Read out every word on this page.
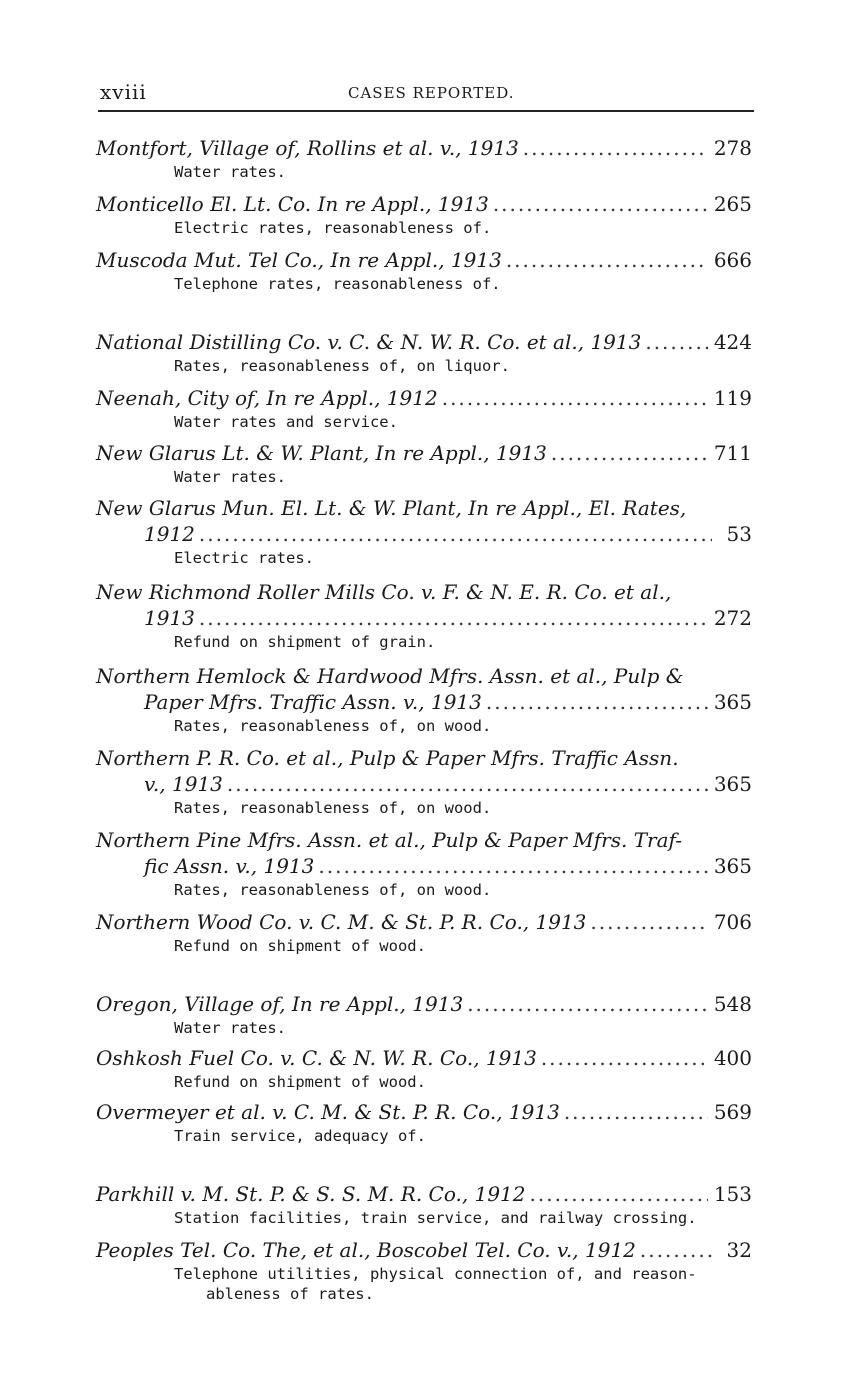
xviii	CASES REPORTED.
Montfort, Village of, Rollins et al. v., 1913 .....	278
Water rates.
Monticello El. Lt. Co. In re Appl., 1913 .....	265
Electric rates, reasonableness of.
Muscoda Mut. Tel Co., In re Appl., 1913 .....	666
Telephone rates, reasonableness of.
National Distilling Co. v. C. & N. W. R. Co. et al., 1913 .....	424
Rates, reasonableness of, on liquor.
Neenah, City of, In re Appl., 1912 .....	119
Water rates and service.
New Glarus Lt. & W. Plant, In re Appl., 1913 .....	711
Water rates.
New Glarus Mun. El. Lt. & W. Plant, In re Appl., El. Rates,
1912 .....	53
Electric rates.
New Richmond Roller Mills Co. v. F. & N. E. R. Co. et al.,
1913 .....	272
Refund on shipment of grain.
Northern Hemlock & Hardwood Mfrs. Assn. et al., Pulp &
Paper Mfrs. Traffic Assn. v., 1913 .....	365
Rates, reasonableness of, on wood.
Northern P. R. Co. et al., Pulp & Paper Mfrs. Traffic Assn.
v., 1913 .....	365
Rates, reasonableness of, on wood.
Northern Pine Mfrs. Assn. et al., Pulp & Paper Mfrs. Traf-
fic Assn. v., 1913 .....	365
Rates, reasonableness of, on wood.
Northern Wood Co. v. C. M. & St. P. R. Co., 1913 .....	706
Refund on shipment of wood.
Oregon, Village of, In re Appl., 1913 .....	548
Water rates.
Oshkosh Fuel Co. v. C. & N. W. R. Co., 1913 .....	400
Refund on shipment of wood.
Overmeyer et al. v. C. M. & St. P. R. Co., 1913 .....	569
Train service, adequacy of.
Parkhill v. M. St. P. & S. S. M. R. Co., 1912 .....	153
Station facilities, train service, and railway crossing.
Peoples Tel. Co. The, et al., Boscobel Tel. Co. v., 1912 .....	32
Telephone utilities, physical connection of, and reason-
ableness of rates.
